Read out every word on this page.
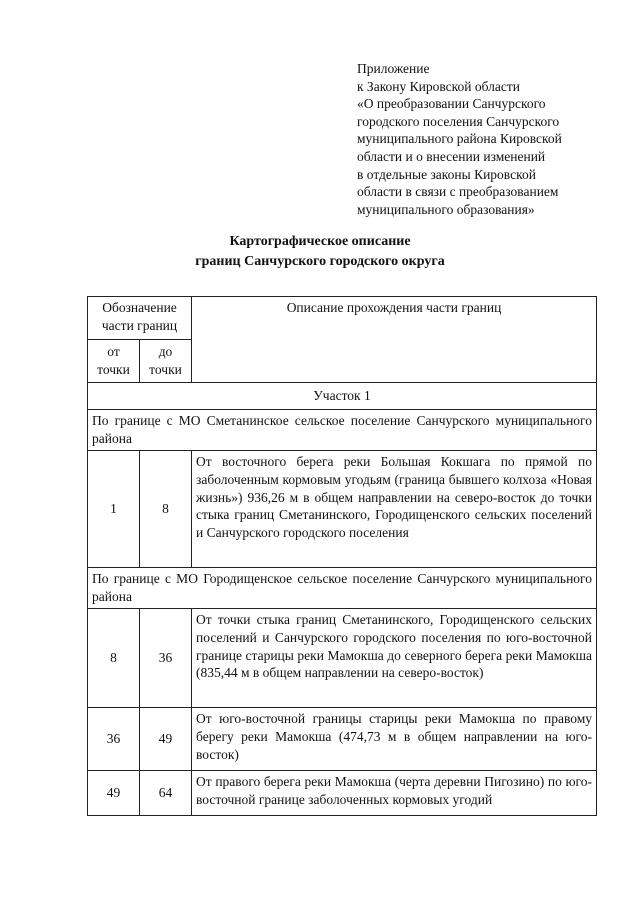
Приложение
к Закону Кировской области
«О преобразовании Санчурского
городского поселения Санчурского
муниципального района Кировской
области и о внесении изменений
в отдельные законы Кировской
области в связи с преобразованием
муниципального образования»
Картографическое описание
границ Санчурского городского округа
Обозначение части границ		Описание прохождения части границ
от точки	до точки	
Участок 1		
По границе с МО Сметанинское сельское поселение Санчурского муниципального района		
1	8	От восточного берега реки Большая Кокшага по прямой по заболоченным кормовым угодьям (граница бывшего колхоза «Новая жизнь») 936,26 м в общем направлении на северо-восток до точки стыка границ Сметанинского, Городищенского сельских поселений и Санчурского городского поселения
По границе с МО Городищенское сельское поселение Санчурского муниципального района		
8	36	От точки стыка границ Сметанинского, Городищенского сельских поселений и Санчурского городского поселения по юго-восточной границе старицы реки Мамокша до северного берега реки Мамокша (835,44 м в общем направлении на северо-восток)
36	49	От юго-восточной границы старицы реки Мамокша по правому берегу реки Мамокша (474,73 м в общем направлении на юго-восток)
49	64	От правого берега реки Мамокша (черта деревни Пигозино) по юго-восточной границе заболоченных кормовых угодий
